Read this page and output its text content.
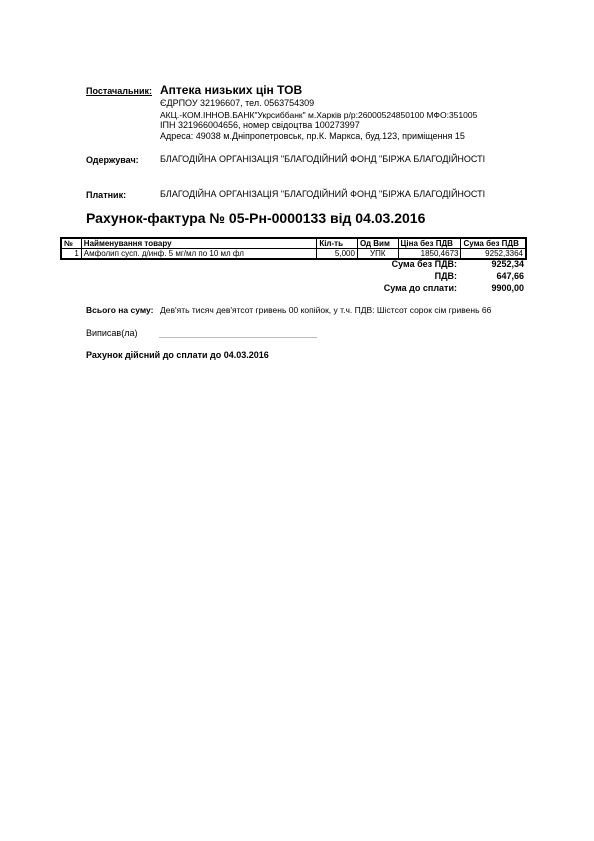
Постачальник: Аптека низьких цін ТОВ
ЄДРПОУ 32196607, тел. 0563754309
АКЦ.-КОМ.ІННОВ.БАНК"Укрсиббанк" м.Харків р/р:26000524850100 МФО:351005
ІПН 321966004656, номер свідоцтва 100273997
Адреса: 49038 м.Дніпропетровськ, пр.К. Маркса, буд.123, приміщення 15
Одержувач: БЛАГОДІЙНА ОРГАНІЗАЦІЯ "БЛАГОДІЙНИЙ ФОНД "БІРЖА БЛАГОДІЙНОСТІ
Платник:	БЛАГОДІЙНА ОРГАНІЗАЦІЯ "БЛАГОДІЙНИЙ ФОНД "БІРЖА БЛАГОДІЙНОСТІ
Рахунок-фактура № 05-Рн-0000133 від 04.03.2016
№	Найменування товару	Кіл-ть	Од Вим	Ціна без ПДВ	Сума без ПДВ
1	Амфолип сусп. д/инф. 5 мг/мл по 10 мл фл	5,000	УПК	1850,4673	9252,3364
Сума без ПДВ:	9252,34
ПДВ:	647,66
Сума до сплати:	9900,00
Всього на суму: Дев'ять тисяч дев'ятсот гривень 00 копійок, у т.ч. ПДВ: Шістсот сорок сім гривень 66
Виписав(ла)
Рахунок дійсний до сплати до 04.03.2016
